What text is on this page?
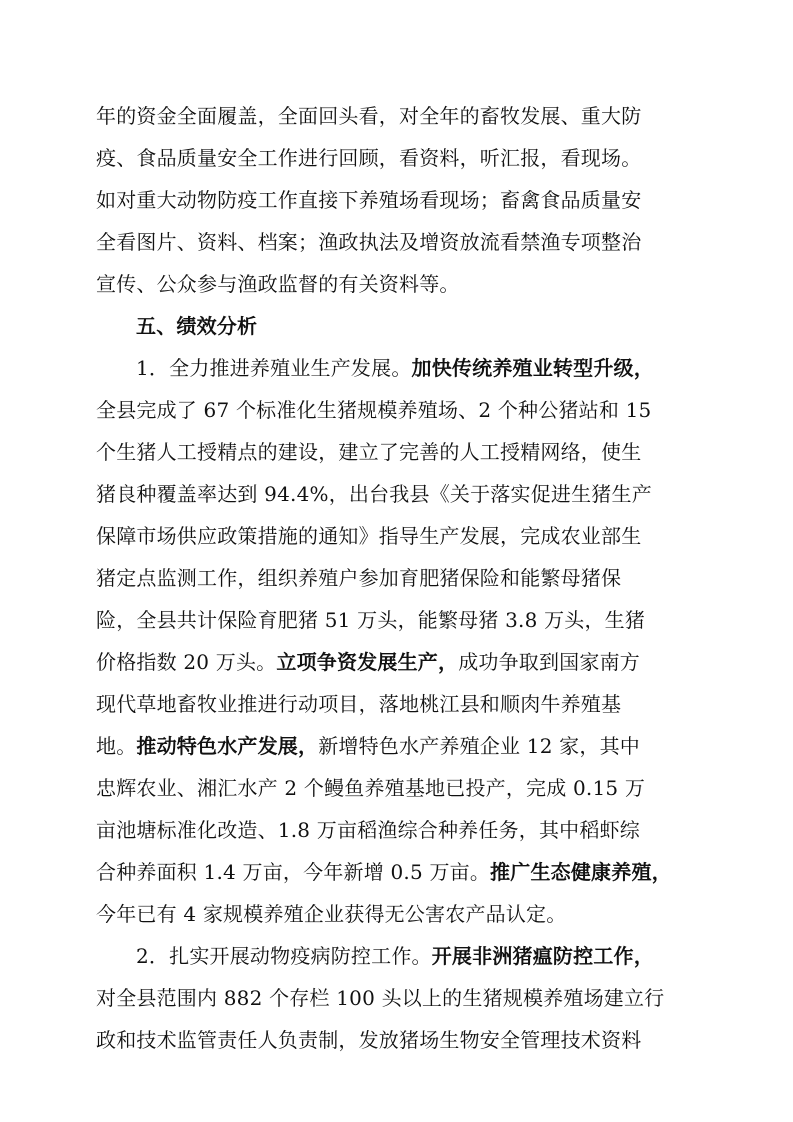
年的资金全面履盖，全面回头看，对全年的畜牧发展、重大防
疫、食品质量安全工作进行回顾，看资料，听汇报，看现场。
如对重大动物防疫工作直接下养殖场看现场；畜禽食品质量安
全看图片、资料、档案；渔政执法及增资放流看禁渔专项整治
宣传、公众参与渔政监督的有关资料等。
五、绩效分析
1．全力推进养殖业生产发展。加快传统养殖业转型升级，
全县完成了 67 个标准化生猪规模养殖场、2 个种公猪站和 15
个生猪人工授精点的建设，建立了完善的人工授精网络，使生
猪良种覆盖率达到 94.4%，出台我县《关于落实促进生猪生产
保障市场供应政策措施的通知》指导生产发展，完成农业部生
猪定点监测工作，组织养殖户参加育肥猪保险和能繁母猪保
险，全县共计保险育肥猪 51 万头，能繁母猪 3.8 万头，生猪
价格指数 20 万头。立项争资发展生产，成功争取到国家南方
现代草地畜牧业推进行动项目，落地桃江县和顺肉牛养殖基
地。推动特色水产发展，新增特色水产养殖企业 12 家，其中
忠辉农业、湘汇水产 2 个鳗鱼养殖基地已投产，完成 0.15 万
亩池塘标准化改造、1.8 万亩稻渔综合种养任务，其中稻虾综
合种养面积 1.4 万亩，今年新增 0.5 万亩。推广生态健康养殖，
今年已有 4 家规模养殖企业获得无公害农产品认定。
2．扎实开展动物疫病防控工作。开展非洲猪瘟防控工作，
对全县范围内 882 个存栏 100 头以上的生猪规模养殖场建立行
政和技术监管责任人负责制，发放猪场生物安全管理技术资料
